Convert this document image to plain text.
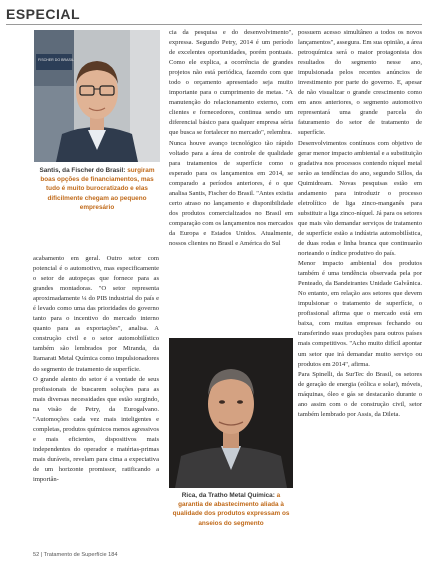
ESPECIAL
FISCHER DO BRASIL
Santis, da Fischer do Brasil: surgiram boas opções de financiamentos, mas tudo é muito burocratizado e elas dificilmente chegam ao pequeno empresário

acabamento em geral. Outro setor com potencial é o automotivo, mas especificamente o setor de autopeças que fornece para as grandes montadoras. "O setor representa aproximadamente ¼ do PIB industrial do país e é levado como uma das prioridades do governo tanto para o incentivo do mercado interno quanto para as exportações", analisa. A construção civil e o setor automobilístico também são lembrados por Miranda, da Itamarati Metal Química como impulsionadores do segmento de tratamento de superfície.

O grande alento do setor é a vontade de seus profissionais de buscarem soluções para as mais diversas necessidades que estão surgindo, na visão de Petry, da Eurogalvano. "Automoções cada vez mais inteligentes e completas, produtos químicos menos agressivos e mais eficientes, dispositivos mais independentes do operador e matérias-primas mais duráveis, revelam para cima a expectativa de um horizonte promissor, ratificando a importân-

cia da pesquisa e do desenvolvimento", expressa. Segundo Petry, 2014 é um período de excelentes oportunidades, porém pontuais. Como ele explica, a ocorrência de grandes projetos não está periódica, fazendo com que todo o orçamento apresentado seja muito importante para o cumprimento de metas. "A manutenção do relacionamento externo, com clientes e fornecedores, continua sendo um diferencial básico para qualquer empresa séria que busca se fortalecer no mercado", relembra.

Nunca houve avanço tecnológico tão rápido voltado para a área de controle de qualidade para tratamentos de superfície como o esperado para os lançamentos em 2014, se comparado a períodos anteriores, é o que analisa Santis, Fischer do Brasil. "Antes existia certo atraso no lançamento e disponibilidade dos produtos comercializados no Brasil em comparação com os lançamentos nos mercados da Europa e Estados Unidos. Atualmente, nossos clientes no Brasil e América do Sul

Rica, da Tratho Metal Química: a garantia de abastecimento aliada à qualidade dos produtos expressam os anseios do segmento

possuem acesso simultâneo a todos os novos lançamentos", assegura. Em sua opinião, a área petroquímica será o maior protagonista dos resultados do segmento nesse ano, impulsionada pelos recentes anúncios de investimento por parte do governo. E, apesar de não visualizar o grande crescimento como em anos anteriores, o segmento automotivo representará uma grande parcela do faturamento do setor de tratamento de superfície.

Desenvolvimentos contínuos com objetivo de gerar menor impacto ambiental e a substituição gradativa nos processos contendo níquel metal serão as tendências do ano, segundo Sillos, da Quimidream. Novas pesquisas estão em andamento para introduzir o processo eletrolítico de liga zinco-manganês para substituir a liga zinco-níquel. Já para os setores que mais vão demandar serviços de tratamento de superfície estão a indústria automobilística, de duas rodas e linha branca que continuarão norteando o índice produtivo do país.

Menor impacto ambiental dos produtos também é uma tendência observada pela por Penteado, da Bandeirantes Unidade Galvânica. No entanto, em relação aos setores que devem impulsionar o tratamento de superfície, o profissional afirma que o mercado está em baixa, com muitas empresas fechando ou transferindo suas produções para outros países mais competitivos. "Acho muito difícil apontar um setor que irá demandar muito serviço ou produtos em 2014", afirma.

Para Spinelli, da SurTec do Brasil, os setores de geração de energia (eólica e solar), móveis, máquinas, óleo e gás se destacarão durante o ano assim com o de construção civil, setor também lembrado por Assis, da Dileta.

52 | Tratamento de Superfície 184
